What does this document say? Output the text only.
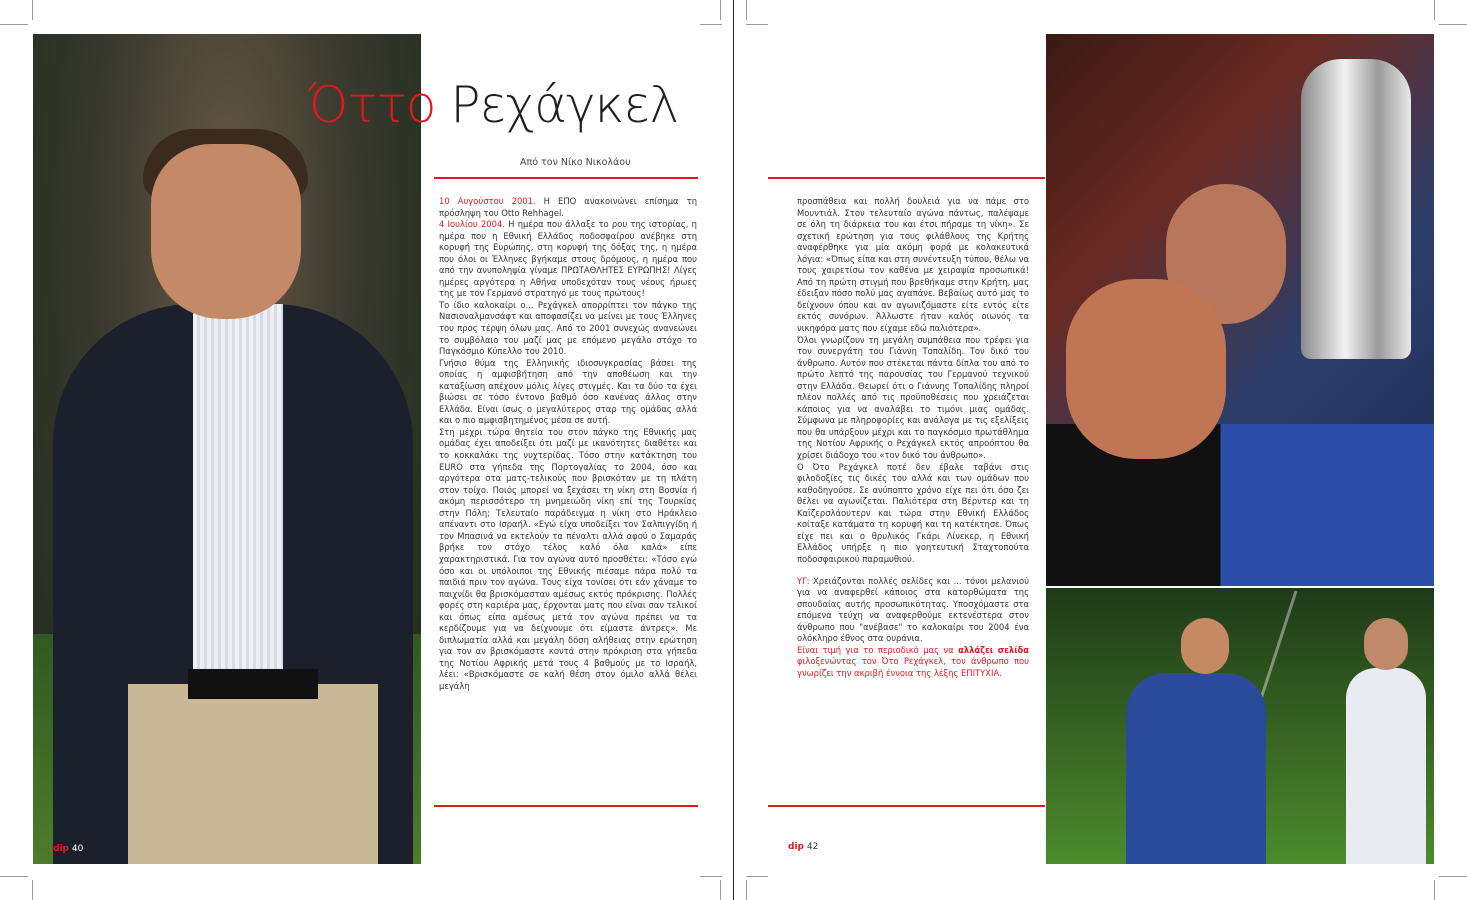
dip 40
Όττο Ρεχάγκελ
Από τον Νίκο Νικολάου

10 Αυγούστου 2001. Η ΕΠΟ ανακοινώνει επίσημα τη πρόσληψη του Otto Rehhagel.

4 Ιουλίου 2004. Η ημέρα που άλλαξε το ρου της ιστορίας, η ημέρα που η Εθνική Ελλάδος ποδοσφαίρου ανέβηκε στη κορυφή της Ευρώπης, στη κορυφή της δόξας της, η ημέρα που όλοι οι Έλληνες βγήκαμε στους δρόμους, η ημέρα που από την ανυποληψία γίναμε ΠΡΩΤΑΘΛΗΤΕΣ ΕΥΡΩΠΗΣ! Λίγες ημέρες αργότερα η Αθήνα υποδεχόταν τους νέους ήρωες της με τον Γερμανό στρατηγό με τους πρώτους!

Το ίδιο καλοκαίρι ο... Ρεχάγκελ απορρίπτει τον πάγκο της Νασιοναλμανσάφτ και αποφασίζει να μείνει με τους Έλληνες του προς τέρψη όλων μας. Από το 2001 συνεχώς ανανεώνει το συμβόλαιο του μαζί μας με επόμενο μεγάλο στόχο το Παγκόσμιο Κύπελλο του 2010.

Γνήσιο θύμα της Ελληνικής ιδιοσυγκρασίας βάσει της οποίας η αμφισβήτηση από την αποθέωση και την καταξίωση απέχουν μόλις λίγες στιγμές. Και τα δύο τα έχει βιώσει σε τόσο έντονο βαθμό όσο κανένας άλλος στην Ελλάδα. Είναι ίσως ο μεγαλύτερος σταρ της ομάδας αλλά και ο πιο αμφισβητημένος μέσα σε αυτή.

Στη μέχρι τώρα θητεία του στον πάγκο της Εθνικής μας ομάδας έχει αποδείξει ότι μαζί με ικανότητες διαθέτει και το κοκκαλάκι της νυχτερίδας. Τόσο στην κατάκτηση του EURO στα γήπεδα της Πορτογαλίας το 2004, όσο και αργότερα στα ματς-τελικούς που βρισκόταν με τη πλάτη στον τοίχο. Ποιός μπορεί να ξεχάσει τη νίκη στη Βοσνία ή ακόμη περισσότερο τη μνημειώδη νίκη επί της Τουρκίας στην Πόλη; Τελευταίο παράδειγμα η νίκη στο Ηράκλειο απέναντι στο Ισραήλ. «Εγώ είχα υποδείξει τον Σαλπιγγίδη ή τον Μπασινά να εκτελούν τα πέναλτι αλλά αφού ο Σαμαράς βρήκε τον στόχο τέλος καλό όλα καλά» είπε χαρακτηριστικά. Για τον αγώνα αυτό προσθέτει: «Τόσο εγώ όσο και οι υπόλοιποι της Εθνικής πιέσαμε πάρα πολύ τα παιδιά πριν τον αγώνα. Τους είχα τονίσει ότι εάν χάναμε το παιχνίδι θα βρισκόμασταν αμέσως εκτός πρόκρισης. Πολλές φορές στη καριέρα μας, έρχονται ματς που είναι σαν τελικοί και όπως είπα αμέσως μετά τον αγώνα πρέπει να τα κερδίζουμε για να δείχνουμε ότι είμαστε άντρες». Με διπλωματία αλλά και μεγάλη δόση αλήθειας στην ερώτηση για τον αν βρισκόμαστε κοντά στην πρόκριση στα γήπεδα της Νοτίου Αφρικής μετά τους 4 βαθμούς με το Ισραήλ, λέει: «Βρισκόμαστε σε καλή θέση στον όμιλο αλλά θέλει μεγάλη

προσπάθεια και πολλή δουλειά για να πάμε στο Μουντιάλ. Στον τελευταίο αγώνα πάντως, παλέψαμε σε όλη τη διάρκεια του και έτσι πήραμε τη νίκη». Σε σχετική ερώτηση για τους φιλάθλους της Κρήτης αναφέρθηκε για μία ακόμη φορά με κολακευτικά λόγια: «Όπως είπα και στη συνέντευξη τύπου, θέλω να τους χαιρετίσω τον καθένα με χειραψία προσωπικά! Από τη πρώτη στιγμή που βρεθήκαμε στην Κρήτη, μας έδειξαν πόσο πολύ μας αγαπάνε. Βεβαίως αυτό μας το δείχνουν όπου και αν αγωνιζόμαστε είτε εντός είτε εκτός συνόρων. Άλλωστε ήταν καλός οιωνός τα νικηφόρα ματς που είχαμε εδώ παλιότερα».

Όλοι γνωρίζουν τη μεγάλη συμπάθεια που τρέφει για τον συνεργάτη του Γιάννη Τοπαλίδη. Τον δικό του άνθρωπο. Αυτόν που στέκεται πάντα δίπλα του από το πρώτο λεπτό της παρουσίας του Γερμανού τεχνικού στην Ελλάδα. Θεωρεί ότι ο Γιάννης Τοπαλίδης πληροί πλέον πολλές από τις προϋποθέσεις που χρειάζεται κάποιος για να αναλάβει το τιμόνι μιας ομάδας. Σύμφωνα με πληροφορίες και ανάλογα με τις εξελίξεις που θα υπάρξουν μέχρι και το παγκόσμιο πρωτάθλημα της Νοτίου Αφρικής ο Ρεχάγκελ εκτός απροόπτου θα χρίσει διάδοχο του «τον δικό του άνθρωπο».

Ο Ότο Ρεχάγκελ ποτέ δεν έβαλε ταβάνι στις φιλοδοξίες τις δικές του αλλά και των ομάδων που καθοδηγούσε. Σε ανύποπτο χρόνο είχε πει ότι όσο ζει θέλει να αγωνίζεται. Παλιότερα στη Βέρντερ και τη Καϊζερσλάουτερν και τώρα στην Εθνική Ελλάδος κοίταξε κατάματα τη κορυφή και τη κατέκτησε. Όπως είχε πει και ο θρυλικός Γκάρι Λίνεκερ, η Εθνική Ελλάδος υπήρξε η πιο γοητευτική Σταχτοπούτα ποδοσφαιρικού παραμυθιού.

ΥΓ: Χρειάζονται πολλές σελίδες και ... τόνοι μελανιού για να αναφερθεί κάποιος στα κατορθώματα της σπουδαίας αυτής προσωπικότητας. Υποσχόμαστε στα επόμενα τεύχη να αναφερθούμε εκτενέστερα στον άνθρωπο που "ανέβασε" το καλοκαίρι του 2004 ένα ολόκληρο έθνος στα ουράνια.

Είναι τιμή για το περιοδικό μας να αλλάζει σελίδα φιλοξενώντας τον Ότο Ρεχάγκελ, τον άνθρωπο που γνωρίζει την ακριβή έννοια της λέξης ΕΠΙΤΥΧΙΑ.

dip 42
